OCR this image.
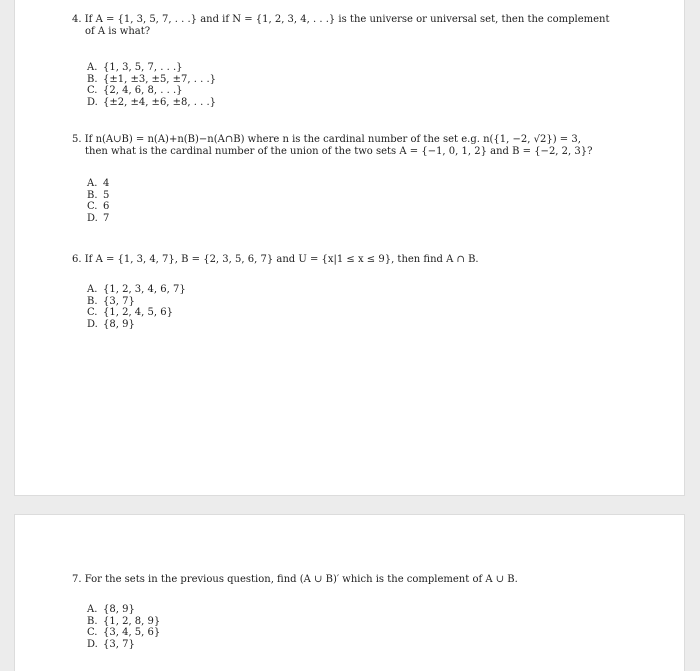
4. If A = {1, 3, 5, 7, . . .} and if N = {1, 2, 3, 4, . . .} is the universe or universal set, then the complement
of A is what?
A. {1, 3, 5, 7, . . .}
B. {±1, ±3, ±5, ±7, . . .}
C. {2, 4, 6, 8, . . .}
D. {±2, ±4, ±6, ±8, . . .}
5. If n(A∪B) = n(A)+n(B)−n(A∩B) where n is the cardinal number of the set e.g. n({1, −2, √2}) = 3,
then what is the cardinal number of the union of the two sets A = {−1, 0, 1, 2} and B = {−2, 2, 3}?
A. 4
B. 5
C. 6
D. 7
6. If A = {1, 3, 4, 7}, B = {2, 3, 5, 6, 7} and U = {x|1 ≤ x ≤ 9}, then find A ∩ B.
A. {1, 2, 3, 4, 6, 7}
B. {3, 7}
C. {1, 2, 4, 5, 6}
D. {8, 9}
7. For the sets in the previous question, find (A ∪ B)′ which is the complement of A ∪ B.
A. {8, 9}
B. {1, 2, 8, 9}
C. {3, 4, 5, 6}
D. {3, 7}
